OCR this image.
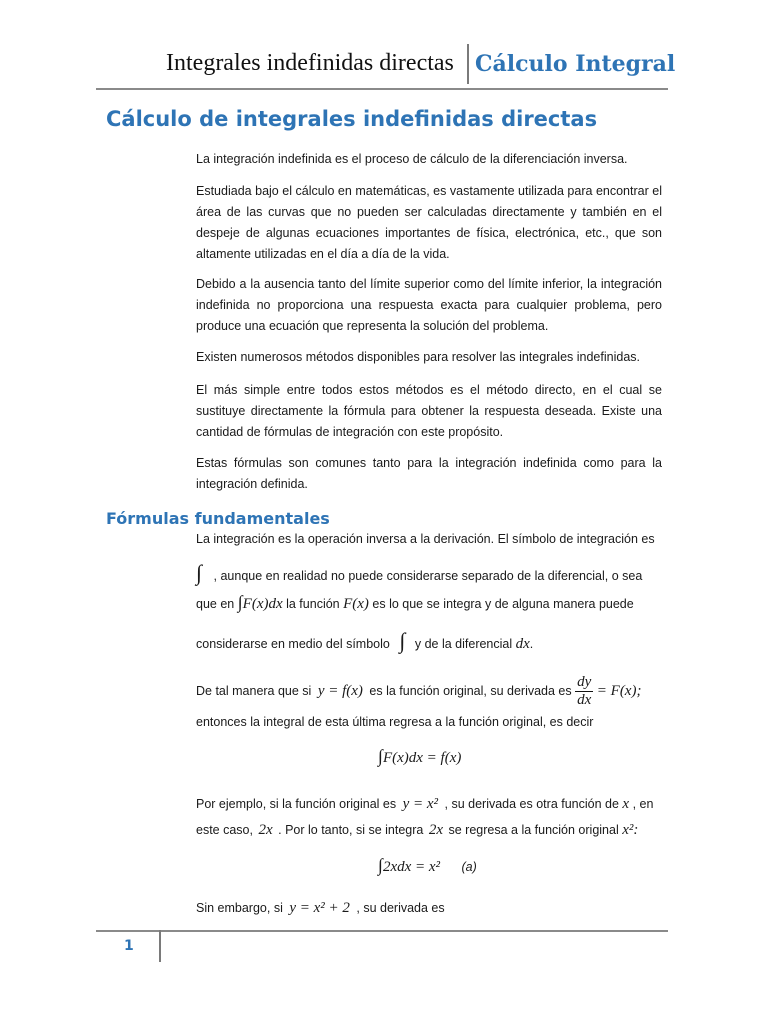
Integrales indefinidas directas Cálculo Integral
Cálculo de integrales indefinidas directas
La integración indefinida es el proceso de cálculo de la diferenciación inversa.
Estudiada bajo el cálculo en matemáticas, es vastamente utilizada para encontrar el área de las curvas que no pueden ser calculadas directamente y también en el despeje de algunas ecuaciones importantes de física, electrónica, etc., que son altamente utilizadas en el día a día de la vida.
Debido a la ausencia tanto del límite superior como del límite inferior, la integración indefinida no proporciona una respuesta exacta para cualquier problema, pero produce una ecuación que representa la solución del problema.
Existen numerosos métodos disponibles para resolver las integrales indefinidas.
El más simple entre todos estos métodos es el método directo, en el cual se sustituye directamente la fórmula para obtener la respuesta deseada. Existe una cantidad de fórmulas de integración con este propósito.
Estas fórmulas son comunes tanto para la integración indefinida como para la integración definida.
Fórmulas fundamentales
La integración es la operación inversa a la derivación. El símbolo de integración es
∫ , aunque en realidad no puede considerarse separado de la diferencial, o sea
que en ∫F(x)dx la función F(x) es lo que se integra y de alguna manera puede
considerarse en medio del símbolo ∫ y de la diferencial dx.
De tal manera que si y = f(x) es la función original, su derivada es $\frac{dy}{dx} = F(x)$;
entonces la integral de esta última regresa a la función original, es decir
∫F(x)dx = f(x)
Por ejemplo, si la función original es y = x² , su derivada es otra función de x , en
este caso, 2x . Por lo tanto, si se integra 2x se regresa a la función original x²:
∫2xdx = x² (a)
Sin embargo, si y = x² + 2 , su derivada es
1
